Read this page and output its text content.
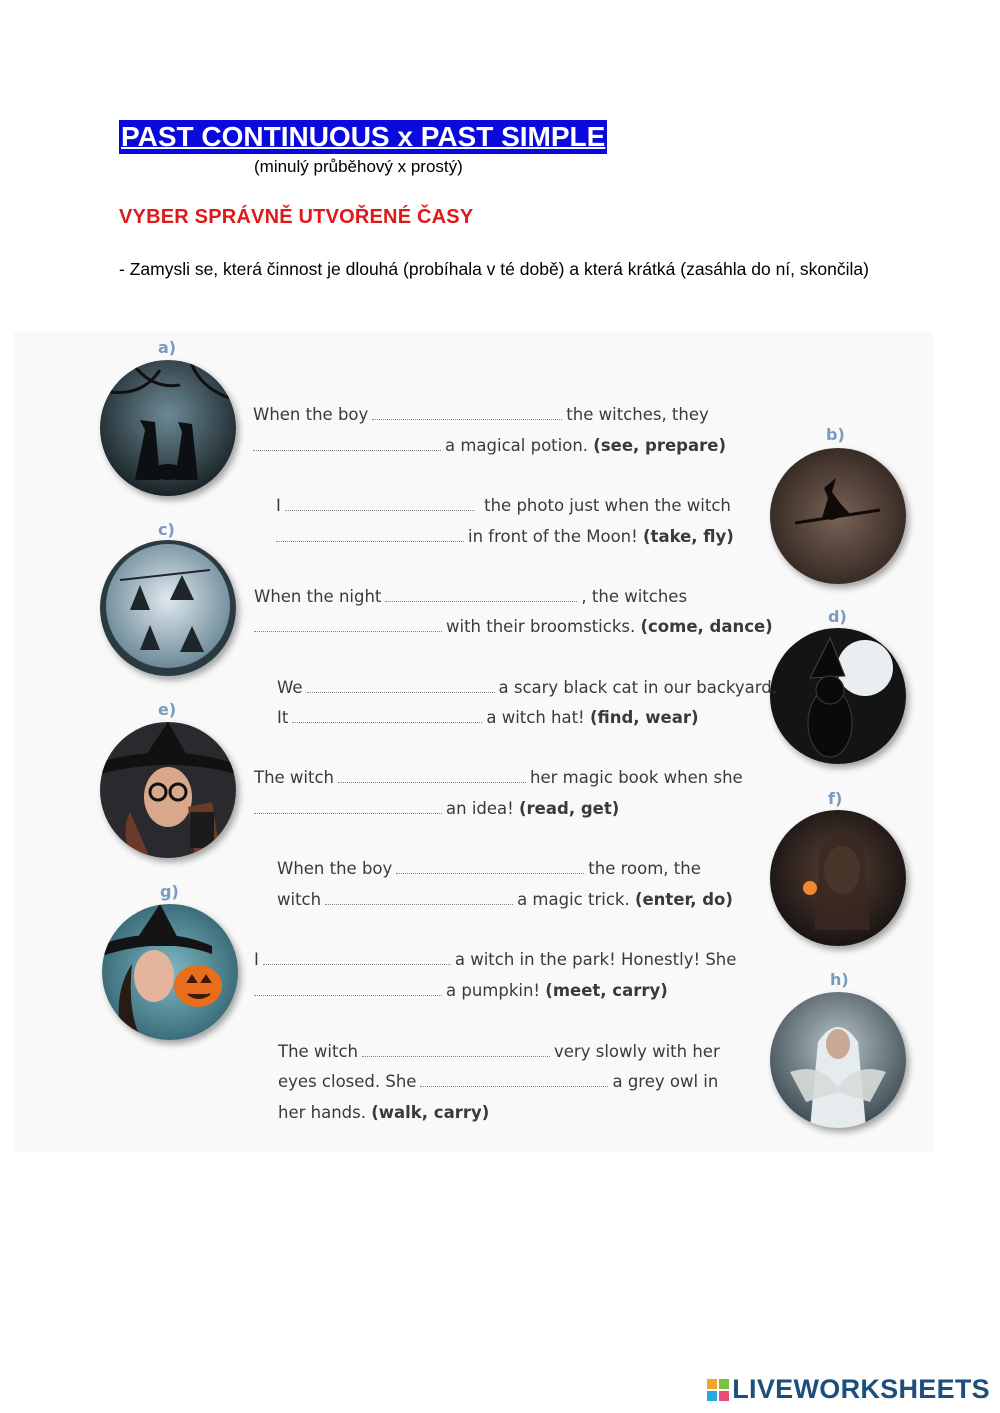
PAST CONTINUOUS x PAST SIMPLE
(minulý průběhový x prostý)
VYBER SPRÁVNĚ UTVOŘENÉ ČASY
- Zamysli se, která činnost je dlouhá (probíhala v té době) a která krátká (zasáhla do ní, skončila)
a)
b)
c)
d)
e)
f)
g)
h)
When the boy	the witches, they
a magical potion. (see, prepare)
I	the photo just when the witch
in front of the Moon! (take, fly)
When the night	, the witches
with their broomsticks. (come, dance)
We	a scary black cat in our backyard.
It	a witch hat! (find, wear)
The witch	her magic book when she
an idea! (read, get)
When the boy	the room, the
witch	a magic trick. (enter, do)
I	a witch in the park! Honestly! She
a pumpkin! (meet, carry)
The witch	very slowly with her
eyes closed. She	a grey owl in
her hands. (walk, carry)
LIVEWORKSHEETS
